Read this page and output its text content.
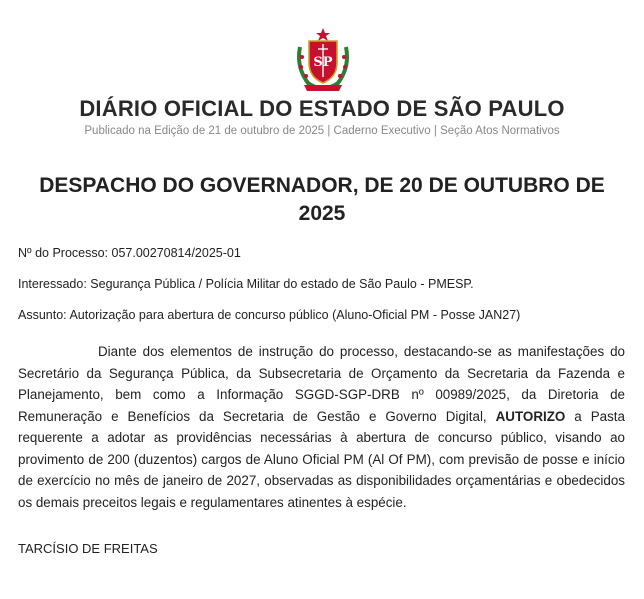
SP
DIÁRIO OFICIAL DO ESTADO DE SÃO PAULO
Publicado na Edição de 21 de outubro de 2025 | Caderno Executivo | Seção Atos Normativos
DESPACHO DO GOVERNADOR, DE 20 DE OUTUBRO DE 2025
Nº do Processo: 057.00270814/2025-01
Interessado: Segurança Pública / Polícia Militar do estado de São Paulo - PMESP.
Assunto: Autorização para abertura de concurso público (Aluno-Oficial PM - Posse JAN27)
Diante dos elementos de instrução do processo, destacando-se as manifestações do Secretário da Segurança Pública, da Subsecretaria de Orçamento da Secretaria da Fazenda e Planejamento, bem como a Informação SGGD-SGP-DRB nº 00989/2025, da Diretoria de Remuneração e Benefícios da Secretaria de Gestão e Governo Digital, AUTORIZO a Pasta requerente a adotar as providências necessárias à abertura de concurso público, visando ao provimento de 200 (duzentos) cargos de Aluno Oficial PM (Al Of PM), com previsão de posse e início de exercício no mês de janeiro de 2027, observadas as disponibilidades orçamentárias e obedecidos os demais preceitos legais e regulamentares atinentes à espécie.
TARCÍSIO DE FREITAS
